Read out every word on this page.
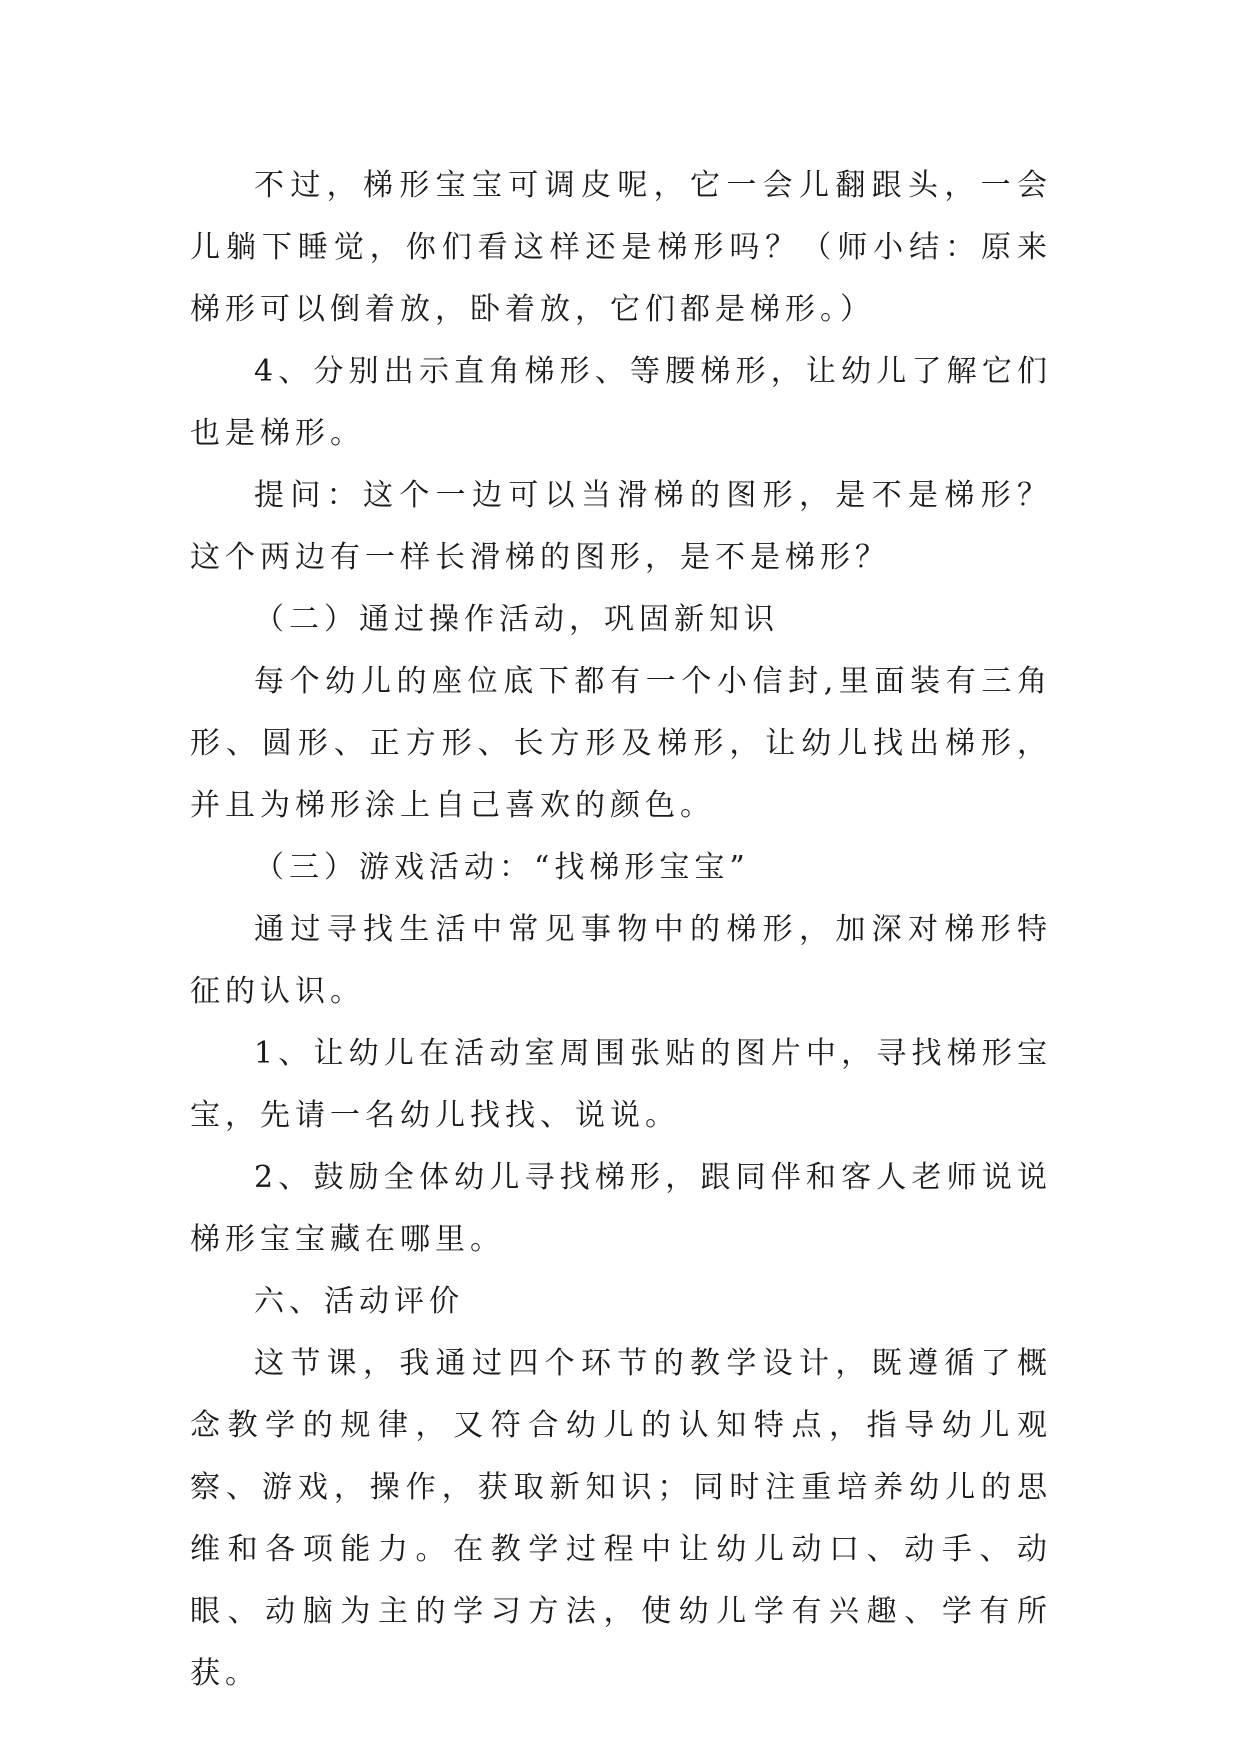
不过，梯形宝宝可调皮呢，它一会儿翻跟头，一会儿躺下睡觉，你们看这样还是梯形吗？（师小结：原来梯形可以倒着放，卧着放，它们都是梯形。）

4、分别出示直角梯形、等腰梯形，让幼儿了解它们也是梯形。

提问：这个一边可以当滑梯的图形，是不是梯形？这个两边有一样长滑梯的图形，是不是梯形？

（二）通过操作活动，巩固新知识

每个幼儿的座位底下都有一个小信封,里面装有三角形、圆形、正方形、长方形及梯形，让幼儿找出梯形，并且为梯形涂上自己喜欢的颜色。

（三）游戏活动：“找梯形宝宝”

通过寻找生活中常见事物中的梯形，加深对梯形特征的认识。

1、让幼儿在活动室周围张贴的图片中，寻找梯形宝宝，先请一名幼儿找找、说说。

2、鼓励全体幼儿寻找梯形，跟同伴和客人老师说说梯形宝宝藏在哪里。

六、活动评价

这节课，我通过四个环节的教学设计，既遵循了概念教学的规律，又符合幼儿的认知特点，指导幼儿观察、游戏，操作，获取新知识；同时注重培养幼儿的思维和各项能力。在教学过程中让幼儿动口、动手、动眼、动脑为主的学习方法，使幼儿学有兴趣、学有所获。
